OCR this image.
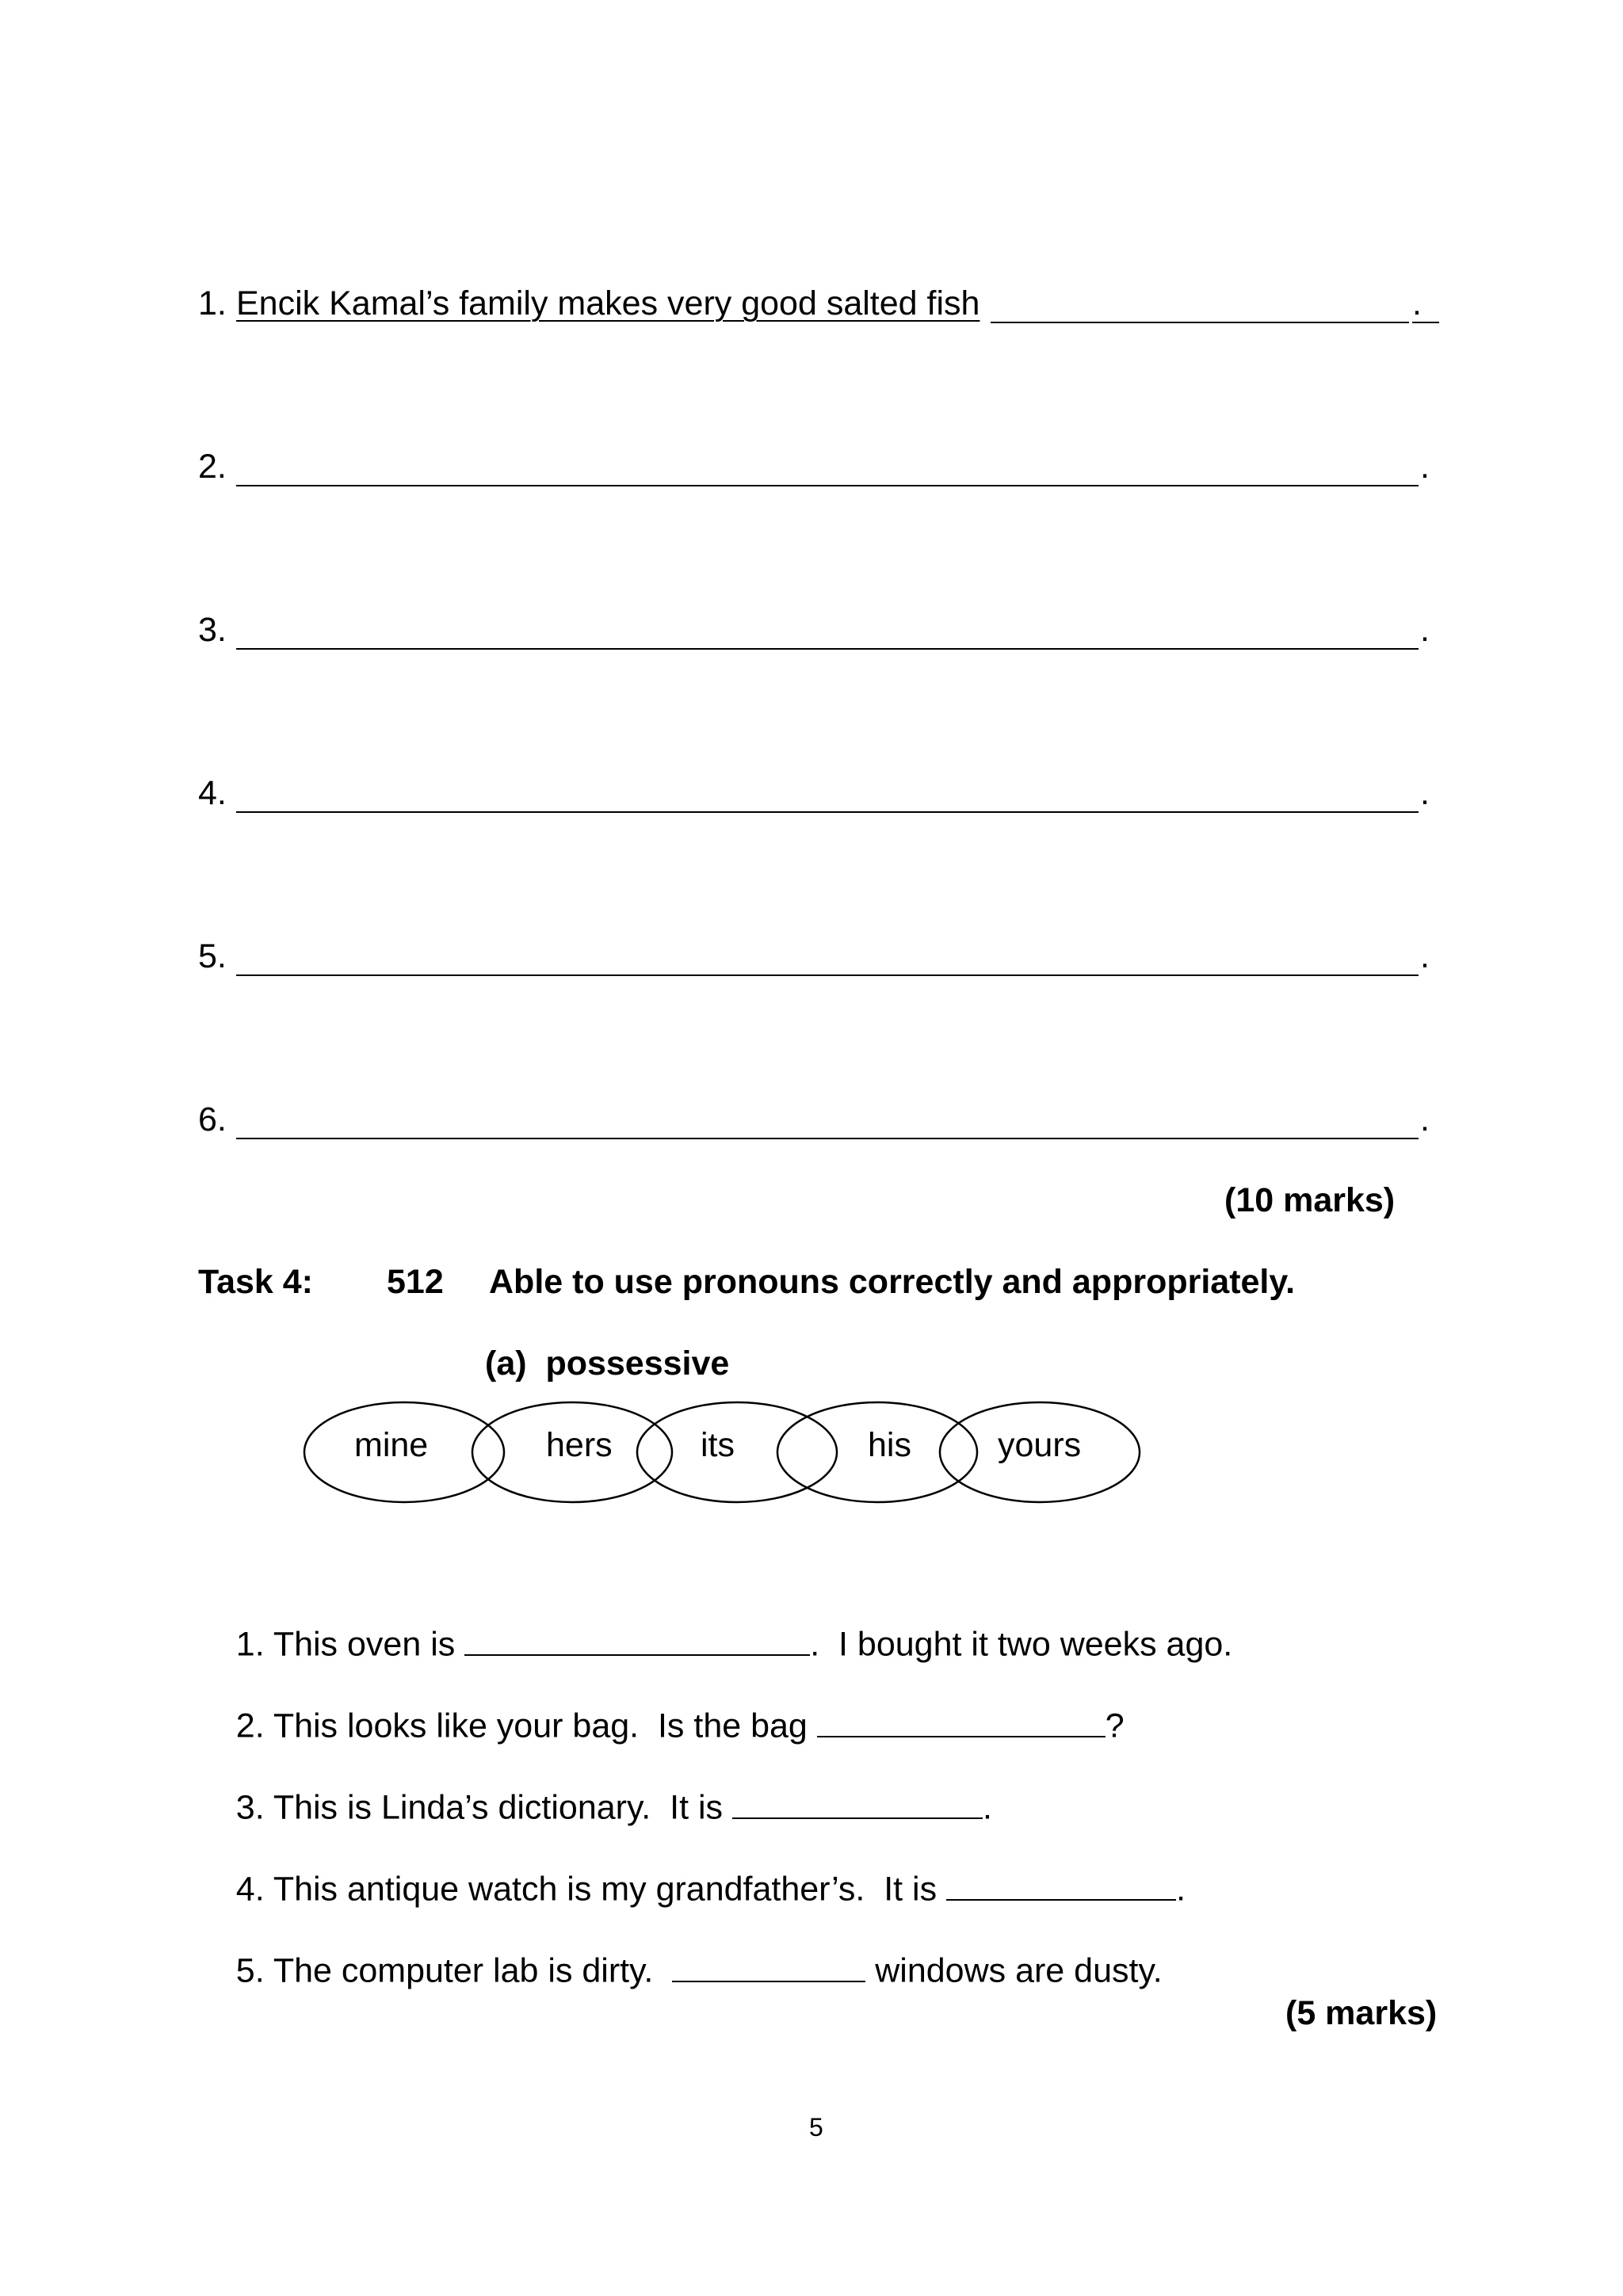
1. Encik Kamal’s family makes very good salted fish	.
2.	.
3.	.
4.	.
5.	.
6.	.
(10 marks)
Task 4: 512 Able to use pronouns correctly and appropriately.
(a)  possessive
mine	hers	its	his	yours

1. This oven is	.  I bought it two weeks ago.

2. This looks like your bag.  Is the bag	?

3. This is Linda’s dictionary.  It is	.

4. This antique watch is my grandfather’s.  It is	.

5. The computer lab is dirty.	windows are dusty.

(5 marks)
5
